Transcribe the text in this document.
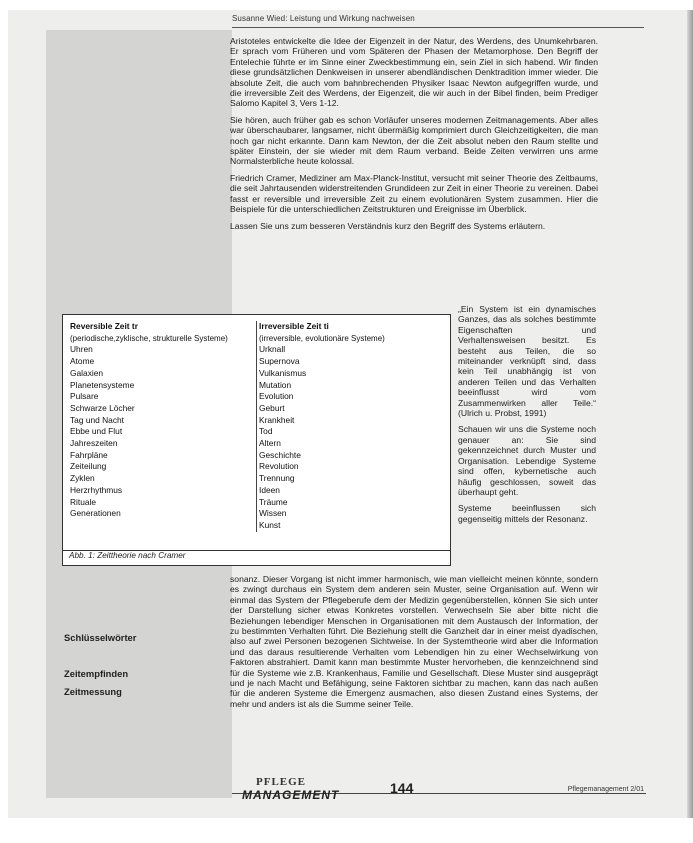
Susanne Wied: Leistung und Wirkung nachweisen

Aristoteles entwickelte die Idee der Eigenzeit in der Natur, des Werdens, des Unumkehrbaren. Er sprach vom Früheren und vom Späteren der Phasen der Metamorphose. Den Begriff der Entelechie führte er im Sinne einer Zweckbestimmung ein, sein Ziel in sich habend. Wir finden diese grundsätzlichen Denkweisen in unserer abendländischen Denktradition immer wieder. Die absolute Zeit, die auch vom bahnbrechenden Physiker Isaac Newton aufgegriffen wurde, und die irreversible Zeit des Werdens, der Eigenzeit, die wir auch in der Bibel finden, beim Prediger Salomo Kapitel 3, Vers 1-12.

Sie hören, auch früher gab es schon Vorläufer unseres modernen Zeitmanagements. Aber alles war überschaubarer, langsamer, nicht übermäßig komprimiert durch Gleichzeitigkeiten, die man noch gar nicht erkannte. Dann kam Newton, der die Zeit absolut neben den Raum stellte und später Einstein, der sie wieder mit dem Raum verband. Beide Zeiten verwirren uns arme Normalsterbliche heute kolossal.

Friedrich Cramer, Mediziner am Max-Planck-Institut, versucht mit seiner Theorie des Zeitbaums, die seit Jahrtausenden widerstreitenden Grundideen zur Zeit in einer Theorie zu vereinen. Dabei fasst er reversible und irreversible Zeit zu einem evolutionären System zusammen. Hier die Beispiele für die unterschiedlichen Zeitstrukturen und Ereignisse im Überblick.

Lassen Sie uns zum besseren Verständnis kurz den Begriff des Systems erläutern.

„Ein System ist ein dynamisches Ganzes, das als solches bestimmte Eigenschaften und Verhaltensweisen besitzt. Es besteht aus Teilen, die so miteinander verknüpft sind, dass kein Teil unabhängig ist von anderen Teilen und das Verhalten beeinflusst wird vom Zusammenwirken aller Teile.“ (Ulrich u. Probst, 1991)

Schauen wir uns die Systeme noch genauer an: Sie sind gekennzeichnet durch Muster und Organisation. Lebendige Systeme sind offen, kybernetische auch häufig geschlossen, soweit das überhaupt geht.

Systeme beeinflussen sich gegenseitig mittels der Resonanz.

Reversible Zeit tr
(periodische,zyklische, strukturelle Systeme)
Uhren
Atome
Galaxien
Planetensysteme
Pulsare
Schwarze Löcher
Tag und Nacht
Ebbe und Flut
Jahreszeiten
Fahrpläne
Zeiteilung
Zyklen
Herzrhythmus
Rituale
Generationen
Irreversible Zeit ti
(irreversible, evolutionäre Systeme)
Urknall
Supernova
Vulkanismus
Mutation
Evolution
Geburt
Krankheit
Tod
Altern
Geschichte
Revolution
Trennung
Ideen
Träume
Wissen
Kunst
Abb. 1: Zeittheorie nach Cramer

sonanz. Dieser Vorgang ist nicht immer harmonisch, wie man vielleicht meinen könnte, sondern es zwingt durchaus ein System dem anderen sein Muster, seine Organisation auf. Wenn wir einmal das System der Pflegeberufe dem der Medizin gegenüberstellen, können Sie sich unter der Darstellung sicher etwas Konkretes vorstellen. Verwechseln Sie aber bitte nicht die Beziehungen lebendiger Menschen in Organisationen mit dem Austausch der Information, der zu bestimmten Verhalten führt. Die Beziehung stellt die Ganzheit dar in einer meist dyadischen, also auf zwei Personen bezogenen Sichtweise. In der Systemtheorie wird aber die Information und das daraus resultierende Verhalten vom Lebendigen hin zu einer Wechselwirkung von Faktoren abstrahiert. Damit kann man bestimmte Muster hervorheben, die kennzeichnend sind für die Systeme wie z.B. Krankenhaus, Familie und Gesellschaft. Diese Muster sind ausgeprägt und je nach Macht und Befähigung, seine Faktoren sichtbar zu machen, kann das nach außen für die anderen Systeme die Emergenz ausmachen, also diesen Zustand eines Systems, der mehr und anders ist als die Summe seiner Teile.

Schlüsselwörter
Zeitempfinden
Zeitmessung
PFLEGE
MANAGEMENT	144	Pflegemanagement 2/01
